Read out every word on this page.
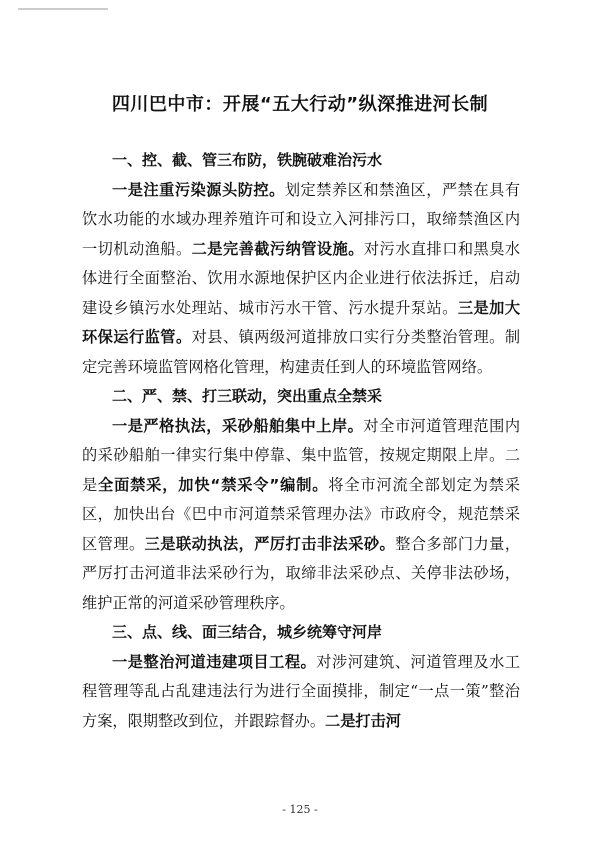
四川巴中市：开展“五大行动”纵深推进河长制

一、控、截、管三布防，铁腕破难治污水

一是注重污染源头防控。划定禁养区和禁渔区，严禁在具有饮水功能的水域办理养殖许可和设立入河排污口，取缔禁渔区内一切机动渔船。二是完善截污纳管设施。对污水直排口和黑臭水体进行全面整治、饮用水源地保护区内企业进行依法拆迁，启动建设乡镇污水处理站、城市污水干管、污水提升泵站。三是加大环保运行监管。对县、镇两级河道排放口实行分类整治管理。制定完善环境监管网格化管理，构建责任到人的环境监管网络。

二、严、禁、打三联动，突出重点全禁采

一是严格执法，采砂船舶集中上岸。对全市河道管理范围内的采砂船舶一律实行集中停靠、集中监管，按规定期限上岸。二是全面禁采，加快“禁采令”编制。将全市河流全部划定为禁采区，加快出台《巴中市河道禁采管理办法》市政府令，规范禁采区管理。三是联动执法，严厉打击非法采砂。整合多部门力量，严厉打击河道非法采砂行为，取缔非法采砂点、关停非法砂场，维护正常的河道采砂管理秩序。

三、点、线、面三结合，城乡统筹守河岸

一是整治河道违建项目工程。对涉河建筑、河道管理及水工程管理等乱占乱建违法行为进行全面摸排，制定“一点一策”整治方案，限期整改到位，并跟踪督办。二是打击河

- 125 -
